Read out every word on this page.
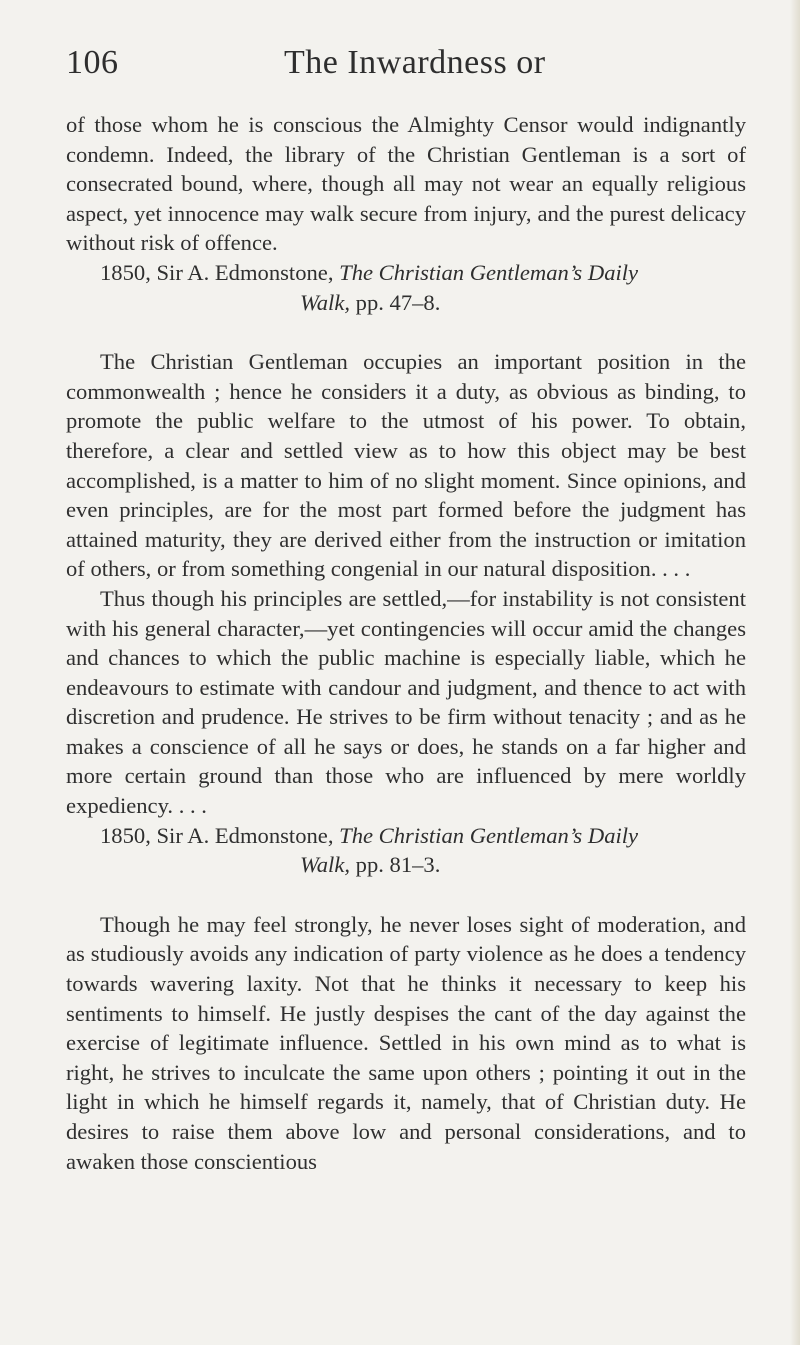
106	The Inwardness or

of those whom he is conscious the Almighty Censor would indignantly condemn. Indeed, the library of the Christian Gentleman is a sort of consecrated bound, where, though all may not wear an equally religious aspect, yet innocence may walk secure from injury, and the purest delicacy without risk of offence.

1850, Sir A. Edmonstone, The Christian Gentleman’s Daily
Walk, pp. 47–8.

The Christian Gentleman occupies an important position in the commonwealth ; hence he considers it a duty, as obvious as binding, to promote the public welfare to the utmost of his power. To obtain, therefore, a clear and settled view as to how this object may be best accomplished, is a matter to him of no slight moment. Since opinions, and even principles, are for the most part formed before the judgment has attained maturity, they are derived either from the instruction or imitation of others, or from something congenial in our natural disposition. . . .

Thus though his principles are settled,—for instability is not consistent with his general character,—yet contingencies will occur amid the changes and chances to which the public machine is especially liable, which he endeavours to estimate with candour and judgment, and thence to act with discretion and prudence. He strives to be firm without tenacity ; and as he makes a conscience of all he says or does, he stands on a far higher and more certain ground than those who are influenced by mere worldly expediency. . . .

1850, Sir A. Edmonstone, The Christian Gentleman’s Daily
Walk, pp. 81–3.

Though he may feel strongly, he never loses sight of moderation, and as studiously avoids any indication of party violence as he does a tendency towards wavering laxity. Not that he thinks it necessary to keep his sentiments to himself. He justly despises the cant of the day against the exercise of legitimate influence. Settled in his own mind as to what is right, he strives to inculcate the same upon others ; pointing it out in the light in which he himself regards it, namely, that of Christian duty. He desires to raise them above low and personal considerations, and to awaken those conscientious
